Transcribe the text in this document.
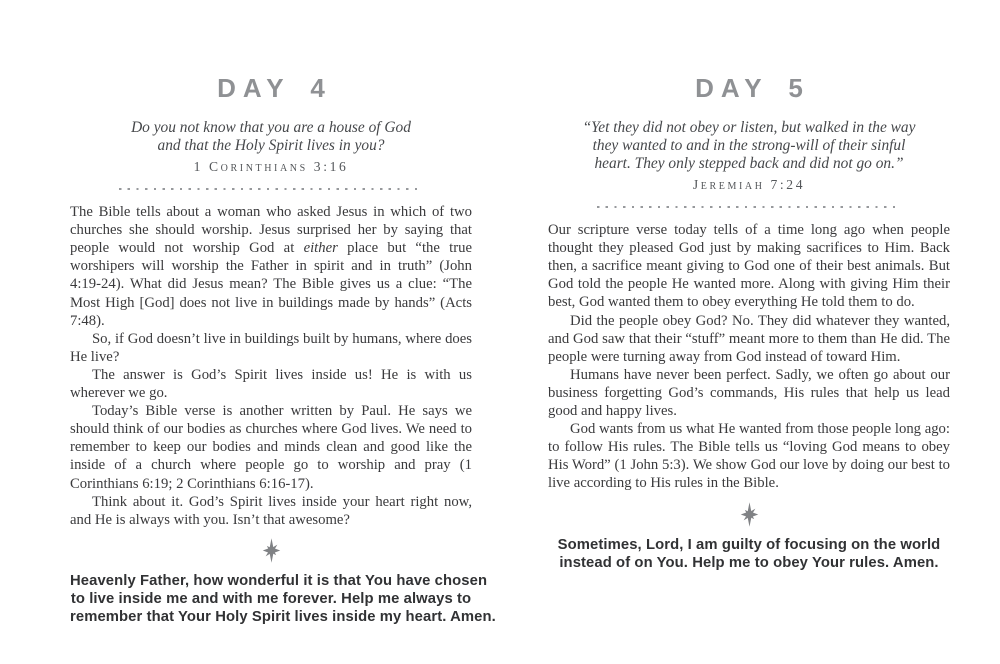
DAY 4
Do you not know that you are a house of God
and that the Holy Spirit lives in you?
1 Corinthians 3:16

The Bible tells about a woman who asked Jesus in which of two churches she should worship. Jesus surprised her by saying that people would not worship God at either place but “the true worshipers will worship the Father in spirit and in truth” (John 4:19-24). What did Jesus mean? The Bible gives us a clue: “The Most High [God] does not live in buildings made by hands” (Acts 7:48).

So, if God doesn’t live in buildings built by humans, where does He live?

The answer is God’s Spirit lives inside us! He is with us wherever we go.

Today’s Bible verse is another written by Paul. He says we should think of our bodies as churches where God lives. We need to remember to keep our bodies and minds clean and good like the inside of a church where people go to worship and pray (1 Corinthians 6:19; 2 Corinthians 6:16-17).

Think about it. God’s Spirit lives inside your heart right now, and He is always with you. Isn’t that awesome?

Heavenly Father, how wonderful it is that You have chosen
to live inside me and with me forever. Help me always to
remember that Your Holy Spirit lives inside my heart. Amen.
DAY 5
“Yet they did not obey or listen, but walked in the way
they wanted to and in the strong-will of their sinful
heart. They only stepped back and did not go on.”
Jeremiah 7:24

Our scripture verse today tells of a time long ago when people thought they pleased God just by making sacrifices to Him. Back then, a sacrifice meant giving to God one of their best animals. But God told the people He wanted more. Along with giving Him their best, God wanted them to obey everything He told them to do.

Did the people obey God? No. They did whatever they wanted, and God saw that their “stuff” meant more to them than He did. The people were turning away from God instead of toward Him.

Humans have never been perfect. Sadly, we often go about our business forgetting God’s commands, His rules that help us lead good and happy lives.

God wants from us what He wanted from those people long ago: to follow His rules. The Bible tells us “loving God means to obey His Word” (1 John 5:3). We show God our love by doing our best to live according to His rules in the Bible.

Sometimes, Lord, I am guilty of focusing on the world
instead of on You. Help me to obey Your rules. Amen.
